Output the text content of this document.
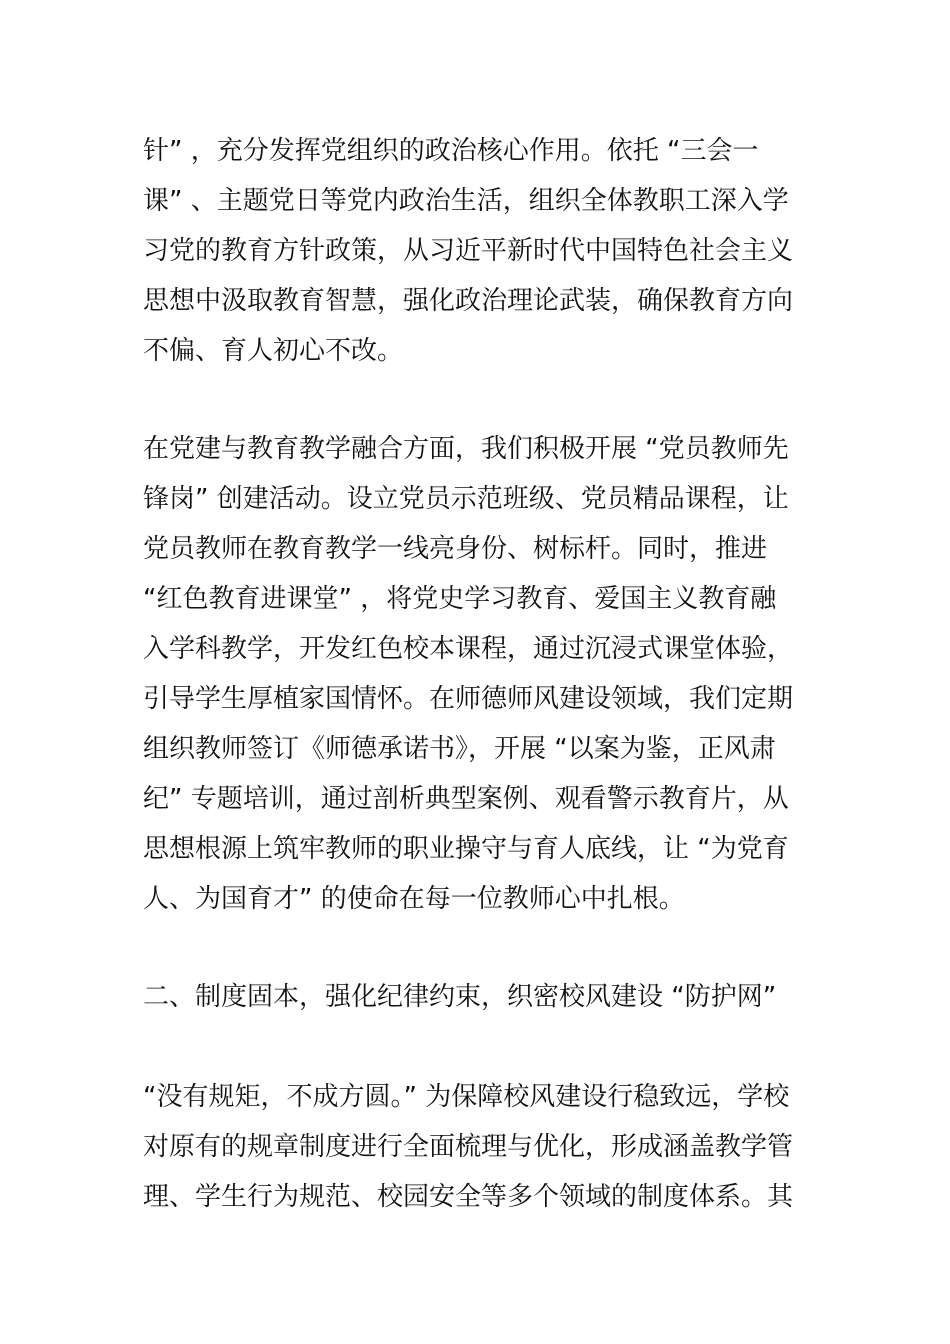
针” ，充分发挥党组织的政治核心作用。依托 “三会一
课” 、主题党日等党内政治生活，组织全体教职工深入学
习党的教育方针政策，从习近平新时代中国特色社会主义
思想中汲取教育智慧，强化政治理论武装，确保教育方向
不偏、育人初心不改。
在党建与教育教学融合方面，我们积极开展 “党员教师先
锋岗” 创建活动。设立党员示范班级、党员精品课程，让
党员教师在教育教学一线亮身份、树标杆。同时，推进
“红色教育进课堂” ，将党史学习教育、爱国主义教育融
入学科教学，开发红色校本课程，通过沉浸式课堂体验，
引导学生厚植家国情怀。在师德师风建设领域，我们定期
组织教师签订《师德承诺书》，开展 “以案为鉴，正风肃
纪” 专题培训，通过剖析典型案例、观看警示教育片，从
思想根源上筑牢教师的职业操守与育人底线，让 “为党育
人、为国育才” 的使命在每一位教师心中扎根。
二、制度固本，强化纪律约束，织密校风建设 “防护网”
“没有规矩，不成方圆。” 为保障校风建设行稳致远，学校
对原有的规章制度进行全面梳理与优化，形成涵盖教学管
理、学生行为规范、校园安全等多个领域的制度体系。其
